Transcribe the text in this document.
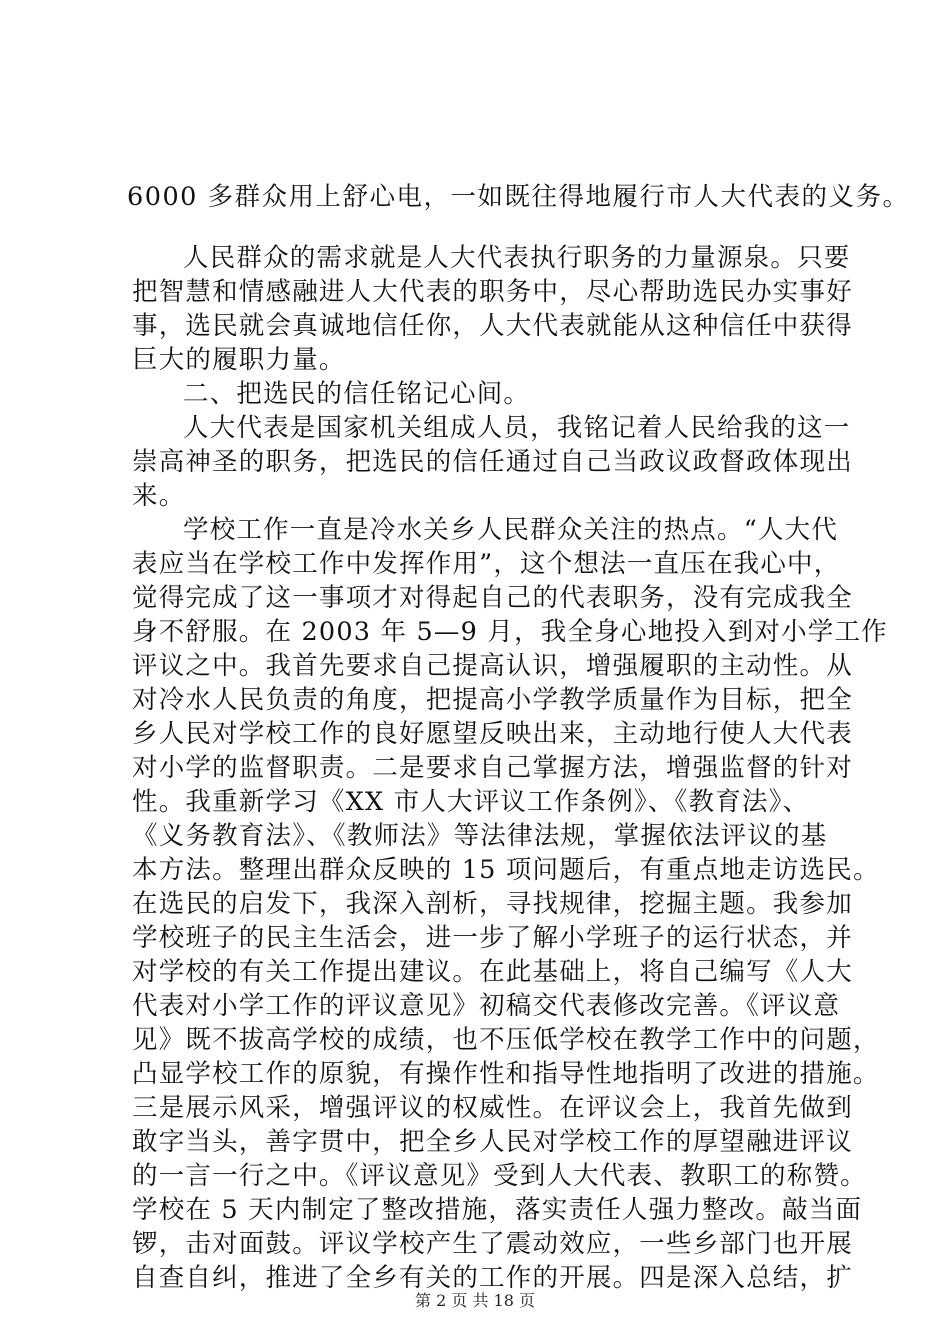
6000 多群众用上舒心电，一如既往得地履行市人大代表的义务。
人民群众的需求就是人大代表执行职务的力量源泉。只要
把智慧和情感融进人大代表的职务中，尽心帮助选民办实事好
事，选民就会真诚地信任你，人大代表就能从这种信任中获得
巨大的履职力量。
二、把选民的信任铭记心间。
人大代表是国家机关组成人员，我铭记着人民给我的这一
崇高神圣的职务，把选民的信任通过自己当政议政督政体现出
来。
学校工作一直是冷水关乡人民群众关注的热点。“人大代
表应当在学校工作中发挥作用”，这个想法一直压在我心中，
觉得完成了这一事项才对得起自己的代表职务，没有完成我全
身不舒服。在 2003 年 5—9 月，我全身心地投入到对小学工作
评议之中。我首先要求自己提高认识，增强履职的主动性。从
对冷水人民负责的角度，把提高小学教学质量作为目标，把全
乡人民对学校工作的良好愿望反映出来，主动地行使人大代表
对小学的监督职责。二是要求自己掌握方法，增强监督的针对
性。我重新学习《XX 市人大评议工作条例》、《教育法》、
《义务教育法》、《教师法》等法律法规，掌握依法评议的基
本方法。整理出群众反映的 15 项问题后，有重点地走访选民。
在选民的启发下，我深入剖析，寻找规律，挖掘主题。我参加
学校班子的民主生活会，进一步了解小学班子的运行状态，并
对学校的有关工作提出建议。在此基础上，将自己编写《人大
代表对小学工作的评议意见》初稿交代表修改完善。《评议意
见》既不拔高学校的成绩，也不压低学校在教学工作中的问题，
凸显学校工作的原貌，有操作性和指导性地指明了改进的措施。
三是展示风采，增强评议的权威性。在评议会上，我首先做到
敢字当头，善字贯中，把全乡人民对学校工作的厚望融进评议
的一言一行之中。《评议意见》受到人大代表、教职工的称赞。
学校在 5 天内制定了整改措施，落实责任人强力整改。敲当面
锣，击对面鼓。评议学校产生了震动效应，一些乡部门也开展
自查自纠，推进了全乡有关的工作的开展。四是深入总结，扩
第 2 页 共 18 页
